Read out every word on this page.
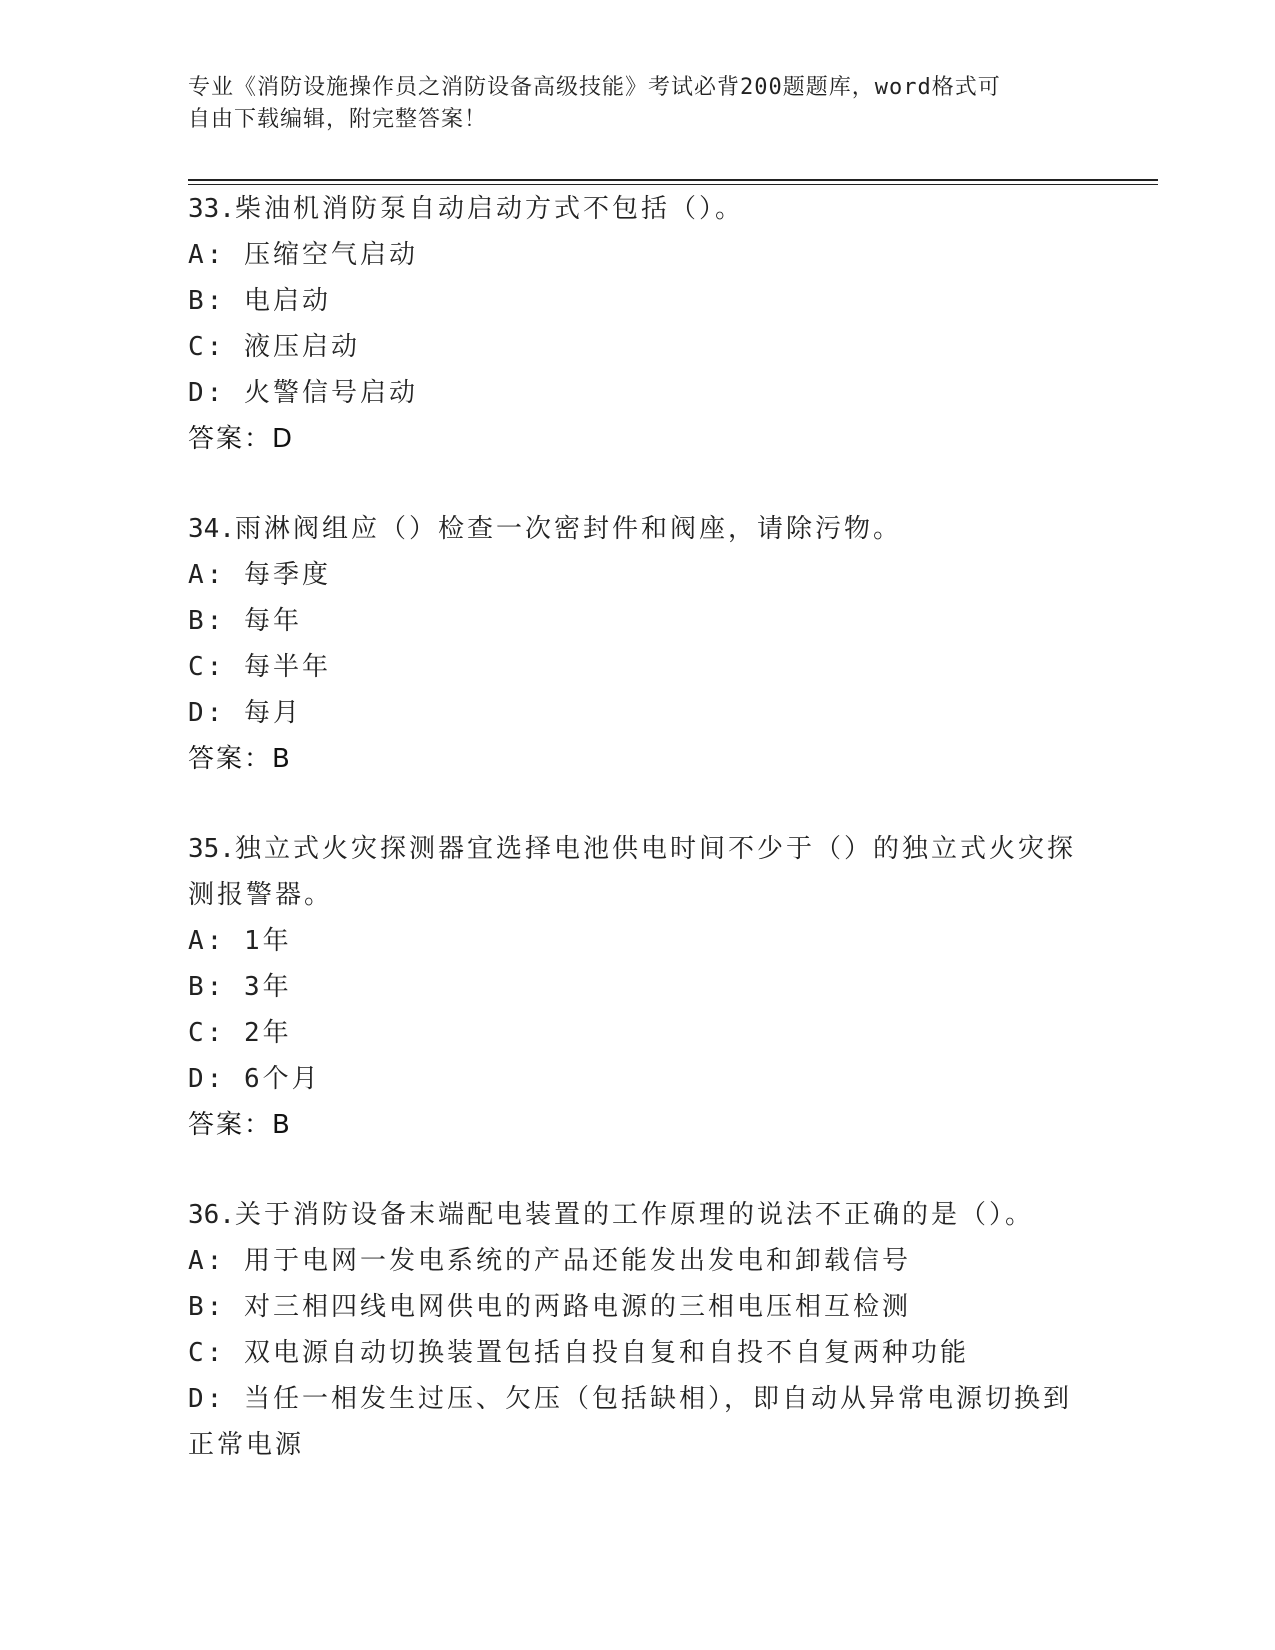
专业《消防设施操作员之消防设备高级技能》考试必背200题题库，word格式可
自由下载编辑，附完整答案！

33.柴油机消防泵自动启动方式不包括（）。

A: 压缩空气启动

B: 电启动

C: 液压启动

D: 火警信号启动

答案：D

34.雨淋阀组应（）检查一次密封件和阀座，请除污物。

A: 每季度

B: 每年

C: 每半年

D: 每月

答案：B

35.独立式火灾探测器宜选择电池供电时间不少于（）的独立式火灾探测报警器。

A: 1年

B: 3年

C: 2年

D: 6个月

答案：B

36.关于消防设备末端配电装置的工作原理的说法不正确的是（）。

A: 用于电网一发电系统的产品还能发出发电和卸载信号

B: 对三相四线电网供电的两路电源的三相电压相互检测

C: 双电源自动切换装置包括自投自复和自投不自复两种功能

D: 当任一相发生过压、欠压（包括缺相），即自动从异常电源切换到正常电源
